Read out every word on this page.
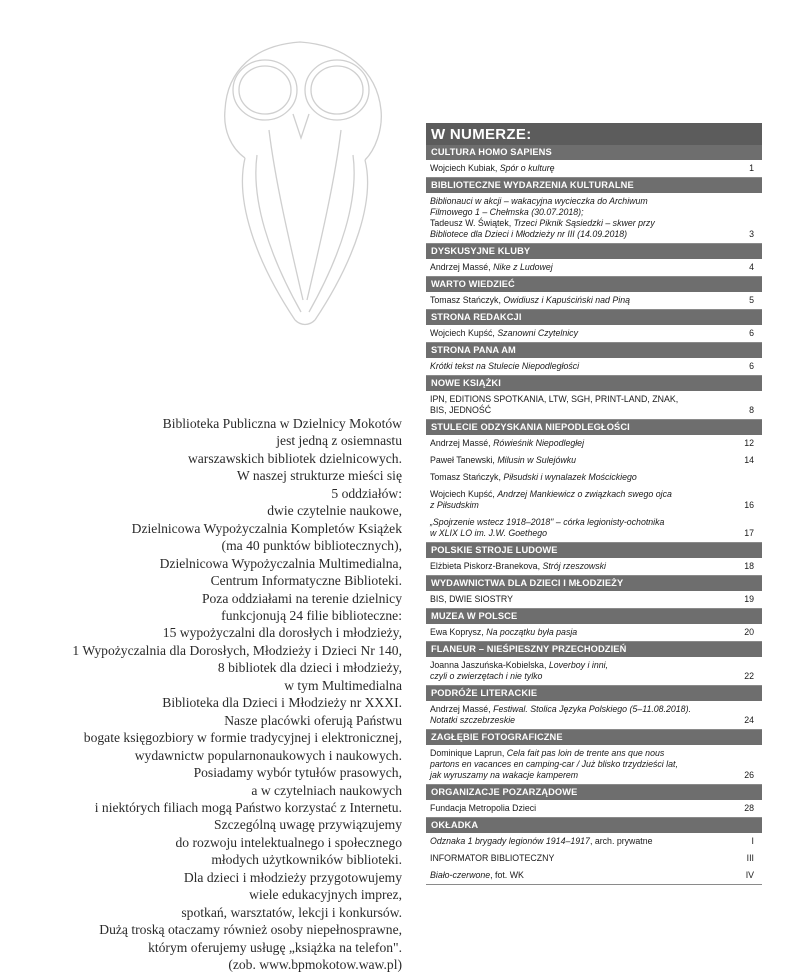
Biblioteka Publiczna w Dzielnicy Mokotów
jest jedną z osiemnastu
warszawskich bibliotek dzielnicowych.
W naszej strukturze mieści się
5 oddziałów:
dwie czytelnie naukowe,
Dzielnicowa Wypożyczalnia Kompletów Książek
(ma 40 punktów bibliotecznych),
Dzielnicowa Wypożyczalnia Multimedialna,
Centrum Informatyczne Biblioteki.
Poza oddziałami na terenie dzielnicy
funkcjonują 24 filie biblioteczne:
15 wypożyczalni dla dorosłych i młodzieży,
1 Wypożyczalnia dla Dorosłych, Młodzieży i Dzieci Nr 140,
8 bibliotek dla dzieci i młodzieży,
w tym Multimedialna
Biblioteka dla Dzieci i Młodzieży nr XXXI.
Nasze placówki oferują Państwu
bogate księgozbiory w formie tradycyjnej i elektronicznej,
wydawnictw popularnonaukowych i naukowych.
Posiadamy wybór tytułów prasowych,
a w czytelniach naukowych
i niektórych filiach mogą Państwo korzystać z Internetu.
Szczególną uwagę przywiązujemy
do rozwoju intelektualnego i społecznego
młodych użytkowników biblioteki.
Dla dzieci i młodzieży przygotowujemy
wiele edukacyjnych imprez,
spotkań, warsztatów, lekcji i konkursów.
Dużą troską otaczamy również osoby niepełnosprawne,
którym oferujemy usługę „książka na telefon".
(zob. www.bpmokotow.waw.pl)
W NUMERZE:
CULTURA HOMO SAPIENS
Wojciech Kubiak, Spór o kulturę	1
BIBLIOTECZNE WYDARZENIA KULTURALNE
Biblionauci w akcji – wakacyjna wycieczka do Archiwum
Filmowego 1 – Chełmska (30.07.2018);
Tadeusz W. Świątek, Trzeci Piknik Sąsiedzki – skwer przy
Bibliotece dla Dzieci i Młodzieży nr III (14.09.2018)	3
DYSKUSYJNE KLUBY
Andrzej Massé, Nike z Ludowej	4
WARTO WIEDZIEĆ
Tomasz Stańczyk, Owidiusz i Kapuściński nad Piną	5
STRONA REDAKCJI
Wojciech Kupść, Szanowni Czytelnicy	6
STRONA PANA AM
Krótki tekst na Stulecie Niepodległości	6
NOWE KSIĄŻKI
IPN, EDITIONS SPOTKANIA, LTW, SGH, PRINT-LAND, ZNAK,
BIS, JEDNOŚĆ	8
STULECIE ODZYSKANIA NIEPODLEGŁOŚCI
Andrzej Massé, Rówieśnik Niepodległej	12
Paweł Tanewski, Milusin w Sulejówku	14
Tomasz Stańczyk, Piłsudski i wynalazek Mościckiego
Wojciech Kupść, Andrzej Mankiewicz o związkach swego ojca
z Piłsudskim	16
„Spojrzenie wstecz 1918–2018" – córka legionisty-ochotnika
w XLIX LO im. J.W. Goethego	17
POLSKIE STROJE LUDOWE
Elżbieta Piskorz-Branekova, Strój rzeszowski	18
WYDAWNICTWA DLA DZIECI I MŁODZIEŻY
BIS, DWIE SIOSTRY	19
MUZEA W POLSCE
Ewa Koprysz, Na początku była pasja	20
FLANEUR – NIEŚPIESZNY PRZECHODZIEŃ
Joanna Jaszuńska-Kobielska, Loverboy i inni,
czyli o zwierzętach i nie tylko	22
PODRÓŻE LITERACKIE
Andrzej Massé, Festiwal. Stolica Języka Polskiego (5–11.08.2018).
Notatki szczebrzeskie	24
ZAGŁĘBIE FOTOGRAFICZNE
Dominique Laprun, Cela fait pas loin de trente ans que nous
partons en vacances en camping-car / Już blisko trzydzieści lat,
jak wyruszamy na wakacje kamperem	26
ORGANIZACJE POZARZĄDOWE
Fundacja Metropolia Dzieci	28
OKŁADKA
Odznaka 1 brygady legionów 1914–1917, arch. prywatne	I
INFORMATOR BIBLIOTECZNY	III
Biało-czerwone, fot. WK	IV
